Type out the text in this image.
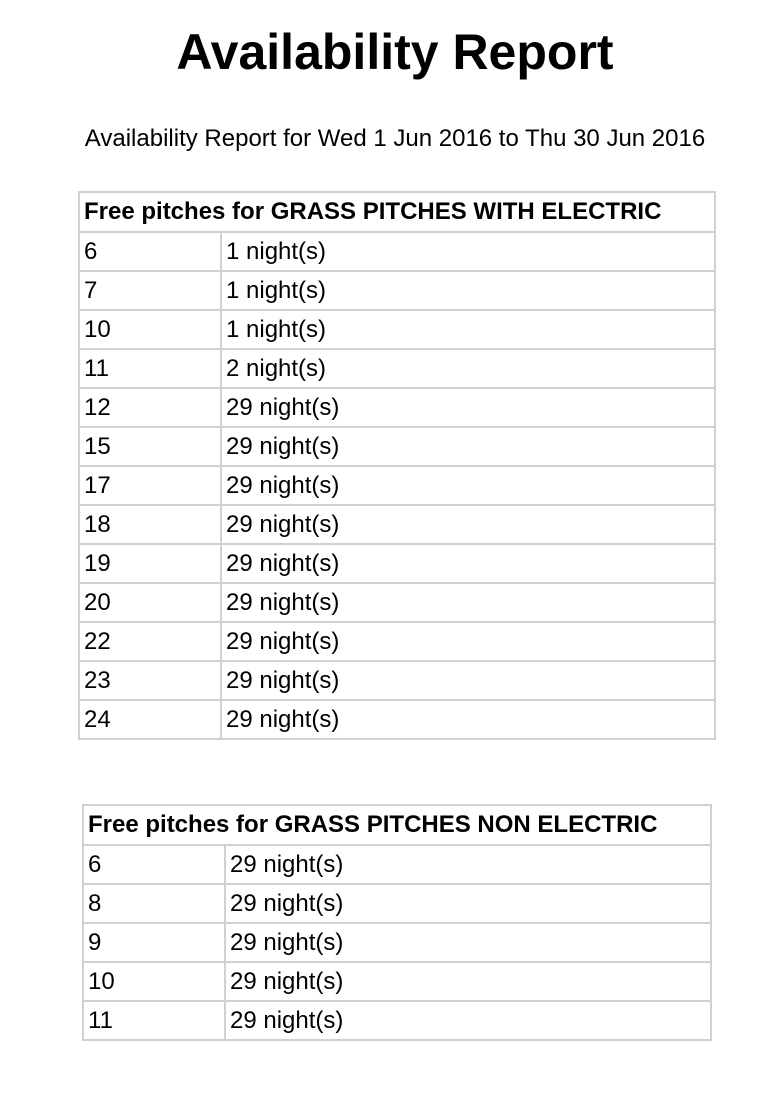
Availability Report

Availability Report for Wed 1 Jun 2016 to Thu 30 Jun 2016

Free pitches for GRASS PITCHES WITH ELECTRIC	
6	1 night(s)
7	1 night(s)
10	1 night(s)
11	2 night(s)
12	29 night(s)
15	29 night(s)
17	29 night(s)
18	29 night(s)
19	29 night(s)
20	29 night(s)
22	29 night(s)
23	29 night(s)
24	29 night(s)
Free pitches for GRASS PITCHES NON ELECTRIC	
6	29 night(s)
8	29 night(s)
9	29 night(s)
10	29 night(s)
11	29 night(s)
